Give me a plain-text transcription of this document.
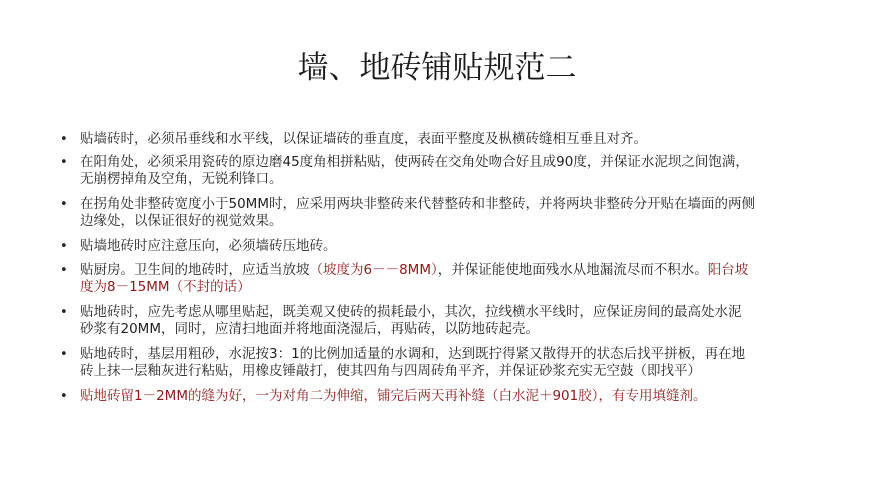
墙、地砖铺贴规范二
• 贴墙砖时，必须吊垂线和水平线，以保证墙砖的垂直度，表面平整度及枞横砖缝相互垂且对齐。
• 在阳角处，必须采用瓷砖的原边磨45度角相拼粘贴，使两砖在交角处吻合好且成90度，并保证水泥坝之间饱满，
无崩楞掉角及空角，无锐利锋口。
• 在拐角处非整砖宽度小于50MM时，应采用两块非整砖来代替整砖和非整砖，并将两块非整砖分开贴在墙面的两侧
边缘处，以保证很好的视觉效果。
• 贴墙地砖时应注意压向，必须墙砖压地砖。
• 贴厨房。卫生间的地砖时，应适当放坡（坡度为6－－8MM），并保证能使地面残水从地漏流尽而不积水。阳台坡
度为8－15MM（不封的话）
• 贴地砖时，应先考虑从哪里贴起，既美观又使砖的损耗最小，其次，拉线横水平线时，应保证房间的最高处水泥
砂浆有20MM，同时，应清扫地面并将地面浇湿后，再贴砖，以防地砖起壳。
• 贴地砖时，基层用粗砂，水泥按3：1的比例加适量的水调和，达到既拧得紧又散得开的状态后找平拼板，再在地
砖上抹一层釉灰进行粘贴，用橡皮锤敲打，使其四角与四周砖角平齐，并保证砂浆充实无空鼓（即找平）
• 贴地砖留1－2MM的缝为好，一为对角二为伸缩，铺完后两天再补缝（白水泥＋901胶），有专用填缝剂。
